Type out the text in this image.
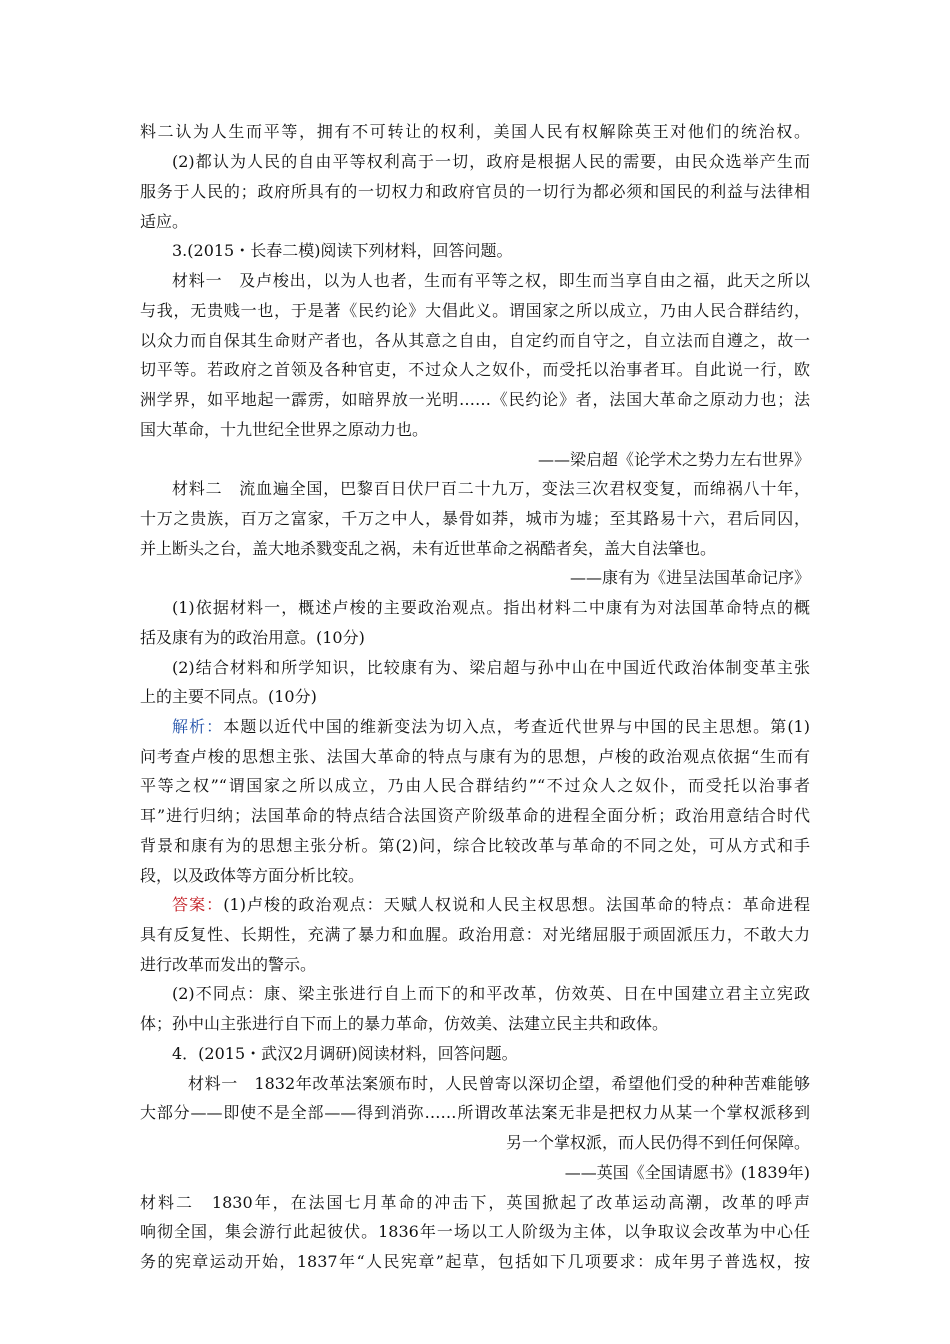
料二认为人生而平等，拥有不可转让的权利，美国人民有权解除英王对他们的统治权。
(2)都认为人民的自由平等权利高于一切，政府是根据人民的需要，由民众选举产生而
服务于人民的；政府所具有的一切权力和政府官员的一切行为都必须和国民的利益与法律相
适应。
3.(2015・长春二模)阅读下列材料，回答问题。
材料一　及卢梭出，以为人也者，生而有平等之权，即生而当享自由之福，此天之所以
与我，无贵贱一也，于是著《民约论》大倡此义。谓国家之所以成立，乃由人民合群结约，
以众力而自保其生命财产者也，各从其意之自由，自定约而自守之，自立法而自遵之，故一
切平等。若政府之首领及各种官吏，不过众人之奴仆，而受托以治事者耳。自此说一行，欧
洲学界，如平地起一霹雳，如暗界放一光明……《民约论》者，法国大革命之原动力也；法
国大革命，十九世纪全世界之原动力也。
——梁启超《论学术之势力左右世界》
材料二　流血遍全国，巴黎百日伏尸百二十九万，变法三次君权变复，而绵祸八十年，
十万之贵族，百万之富家，千万之中人，暴骨如莽，城市为墟；至其路易十六，君后同囚，
并上断头之台，盖大地杀戮变乱之祸，未有近世革命之祸酷者矣，盖大自法肇也。
——康有为《进呈法国革命记序》
(1)依据材料一，概述卢梭的主要政治观点。指出材料二中康有为对法国革命特点的概
括及康有为的政治用意。(10分)
(2)结合材料和所学知识，比较康有为、梁启超与孙中山在中国近代政治体制变革主张
上的主要不同点。(10分)
解析：本题以近代中国的维新变法为切入点，考查近代世界与中国的民主思想。第(1)
问考查卢梭的思想主张、法国大革命的特点与康有为的思想，卢梭的政治观点依据“生而有
平等之权”“谓国家之所以成立，乃由人民合群结约”“不过众人之奴仆，而受托以治事者
耳”进行归纳；法国革命的特点结合法国资产阶级革命的进程全面分析；政治用意结合时代
背景和康有为的思想主张分析。第(2)问，综合比较改革与革命的不同之处，可从方式和手
段，以及政体等方面分析比较。
答案：(1)卢梭的政治观点：天赋人权说和人民主权思想。法国革命的特点：革命进程
具有反复性、长期性，充满了暴力和血腥。政治用意：对光绪屈服于顽固派压力，不敢大力
进行改革而发出的警示。
(2)不同点：康、梁主张进行自上而下的和平改革，仿效英、日在中国建立君主立宪政
体；孙中山主张进行自下而上的暴力革命，仿效美、法建立民主共和政体。
4．(2015・武汉2月调研)阅读材料，回答问题。
材料一　1832年改革法案颁布时，人民曾寄以深切企望，希望他们受的种种苦难能够
大部分——即使不是全部——得到消弥……所谓改革法案无非是把权力从某一个掌权派移到
另一个掌权派，而人民仍得不到任何保障。
——英国《全国请愿书》(1839年)
材料二　1830年，在法国七月革命的冲击下，英国掀起了改革运动高潮，改革的呼声
响彻全国，集会游行此起彼伏。1836年一场以工人阶级为主体，以争取议会改革为中心任
务的宪章运动开始，1837年“人民宪章”起草，包括如下几项要求：成年男子普选权，按
